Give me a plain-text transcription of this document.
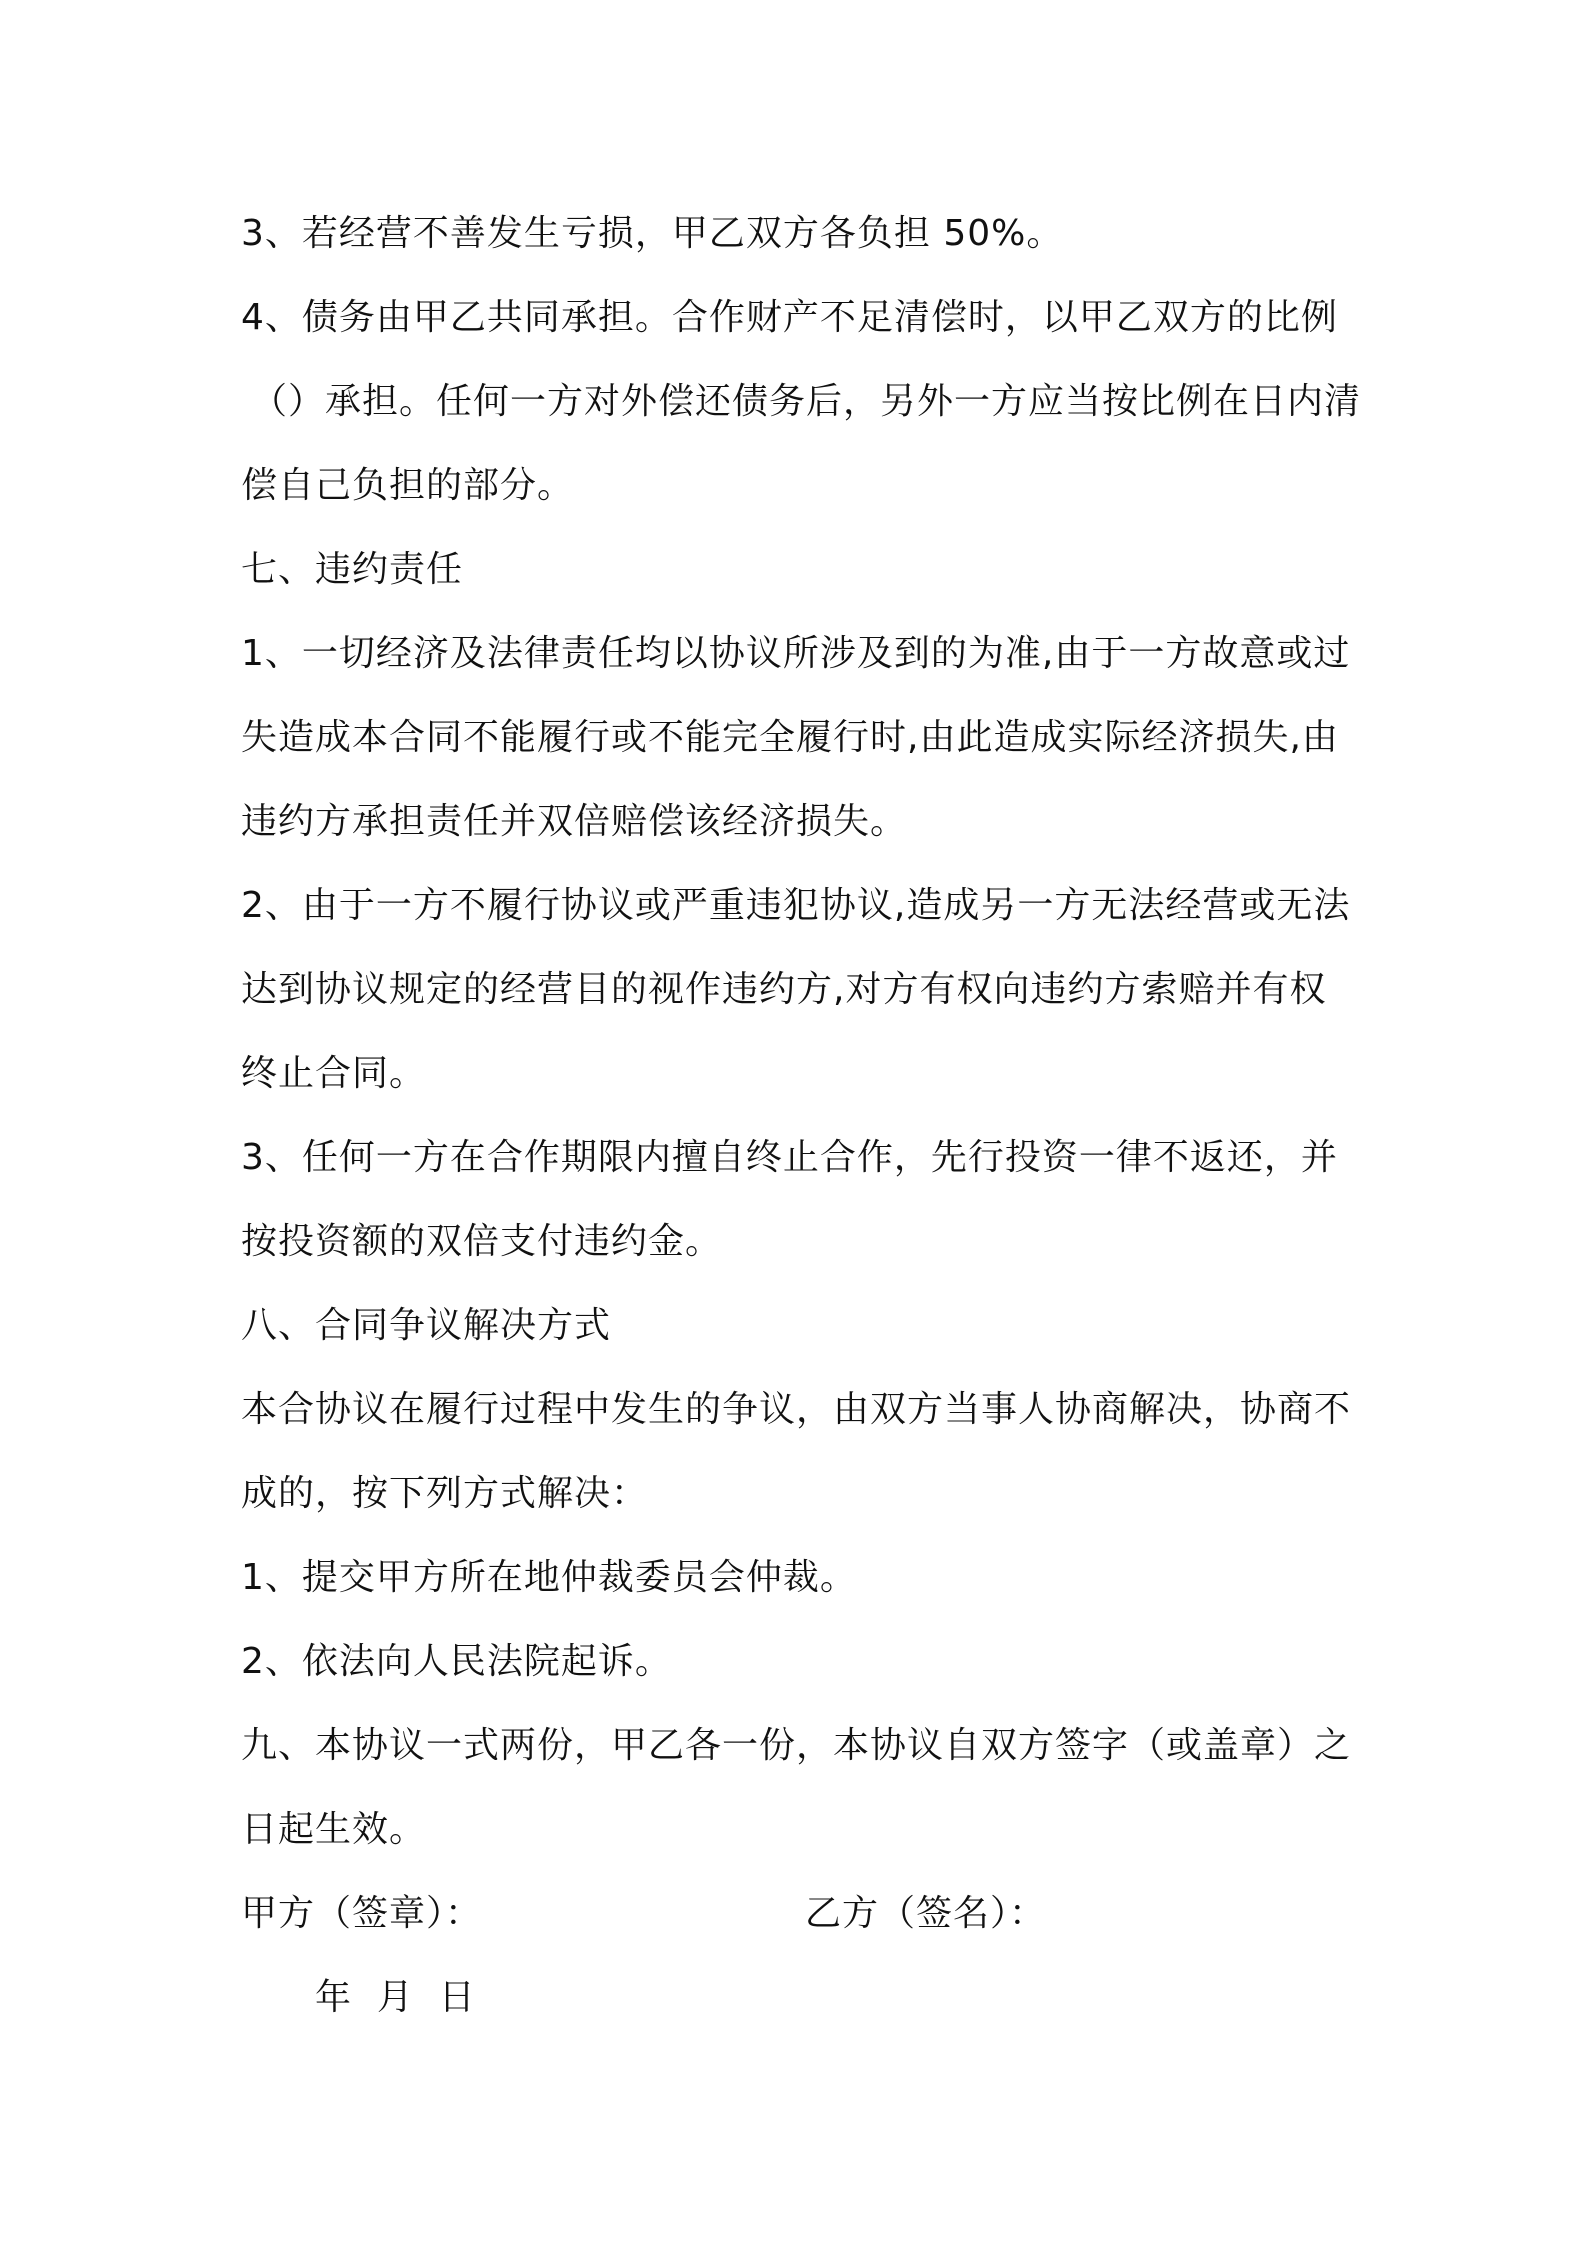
3、若经营不善发生亏损，甲乙双方各负担 50%。
4、债务由甲乙共同承担。合作财产不足清偿时，以甲乙双方的比例
（）承担。任何一方对外偿还债务后，另外一方应当按比例在日内清
偿自己负担的部分。
七、违约责任
1、一切经济及法律责任均以协议所涉及到的为准,由于一方故意或过
失造成本合同不能履行或不能完全履行时,由此造成实际经济损失,由
违约方承担责任并双倍赔偿该经济损失。
2、由于一方不履行协议或严重违犯协议,造成另一方无法经营或无法
达到协议规定的经营目的视作违约方,对方有权向违约方索赔并有权
终止合同。
3、任何一方在合作期限内擅自终止合作，先行投资一律不返还，并
按投资额的双倍支付违约金。
八、合同争议解决方式
本合协议在履行过程中发生的争议，由双方当事人协商解决，协商不
成的，按下列方式解决：
1、提交甲方所在地仲裁委员会仲裁。
2、依法向人民法院起诉。
九、本协议一式两份，甲乙各一份，本协议自双方签字（或盖章）之
日起生效。
甲方（签章）：	乙方（签名）：
年  月  日
